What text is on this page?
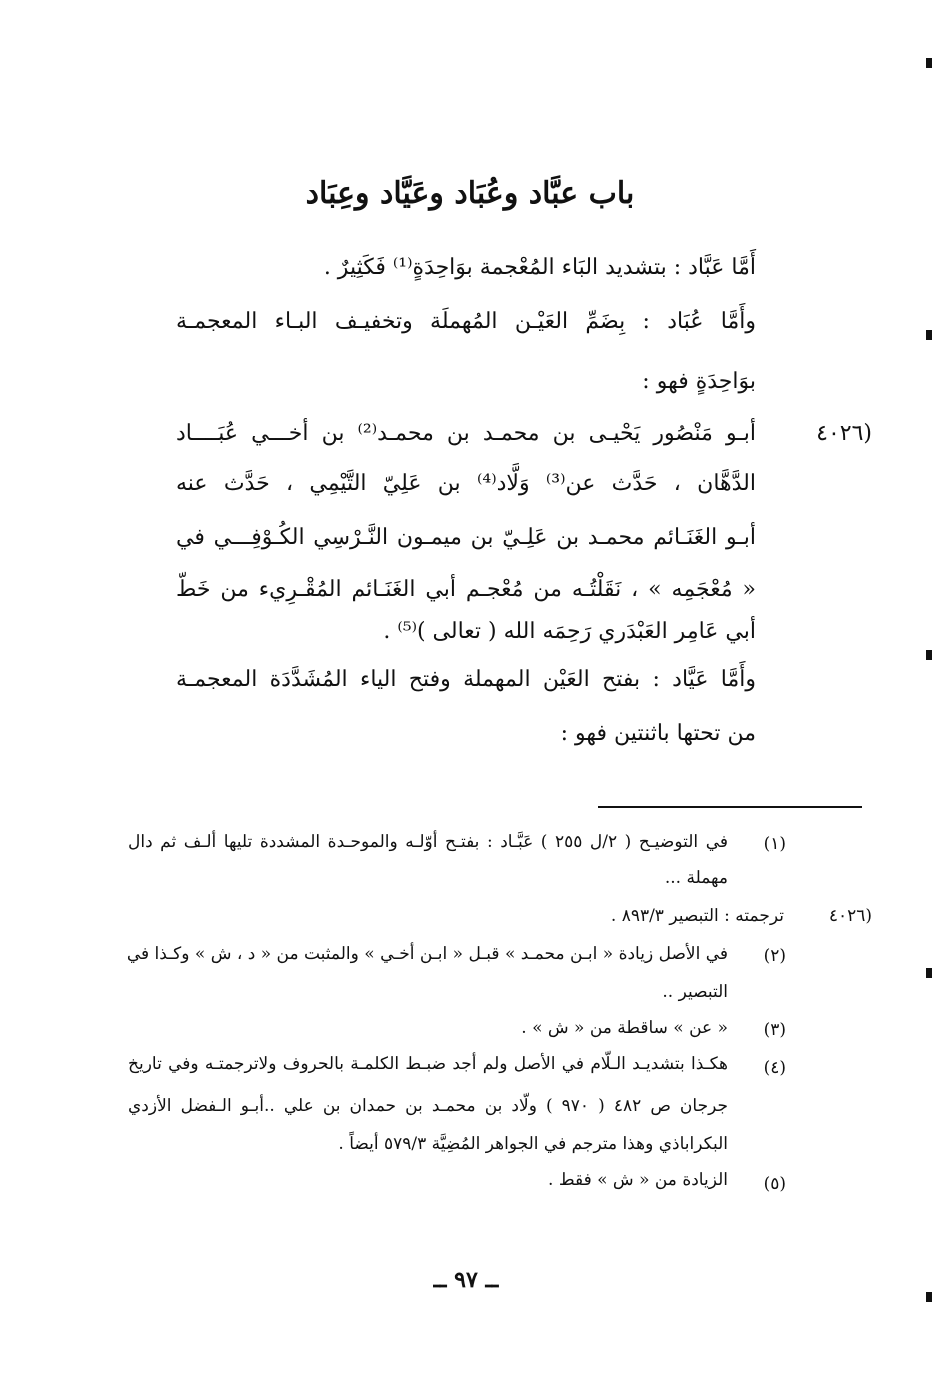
باب عبَّاد وعُبَاد وعَيَّاد وعِبَاد
أَمَّا عَبَّاد : بتشديد البَاء المُعْجمة بوَاحِدَةٍ⁽¹⁾ فَكَثِيرٌ .
وأَمَّا عُبَاد : بِضَمِّ العَيْـن المُهملَة وتخفيـف البـاء المعجمـة
بوَاحِدَةٍ فهو :
(٤٠٢٦
أبـو مَنْصُور يَحْيـى بن محمـد بن محمـد⁽²⁾ بن أخـــي عُبَــــاد
الدَّهَّان ، حَدَّث عن⁽³⁾ وَلَّاد⁽⁴⁾ بن عَلِيّ التَّيْمِي ، حَدَّث عنه
أبـو الغَنَـائم محمـد بن عَلِـيّ بن ميمـون النَّـرْسِي الكُـوْفِـــي في
« مُعْجَمِه » ، نَقَلْتُـه من مُعْجـم أبي الغَنَـائم المُقْـرِيء من خَطّ
أبي عَامِر العَبْدَري رَحِمَه الله ( تعالى )⁽⁵⁾ .
وأَمَّا عَيَّاد : بفتح العَيْن المهملة وفتح الياء المُشَدَّدَة المعجمـة
من تحتها باثنتين فهو :
(١)
في التوضيـح ( ٢/ل ٢٥٥ ) عَبَّـاد : بفتـح أوّلـه والموحـدة المشددة تليها ألـف ثم دال
مهملة ...
(٤٠٢٦
ترجمته : التبصير ٨٩٣/٣ .
(٢)
في الأصل زيادة « ابـن محمـد » قبـل « ابـن أخـي » والمثبت من « د ، ش » وكـذا في
التبصير ..
(٣)
« عن » ساقطة من « ش » .
(٤)
هكـذا بتشديـد الـلّام في الأصل ولم أجد ضبـط الكلمـة بالحروف ولاترجمتـه وفي تاريخ
جرجان ص ٤٨٢ ( ٩٧٠ ) ولّاد بن محمـد بن حمدان بن علي ..أبـو الـفضل الأزدي
البكراباذي وهذا مترجم في الجواهر المُضِيَّة ٥٧٩/٣ أيضاً .
(٥)
الزيادة من « ش » فقط .
ــ ٩٧ ــ
